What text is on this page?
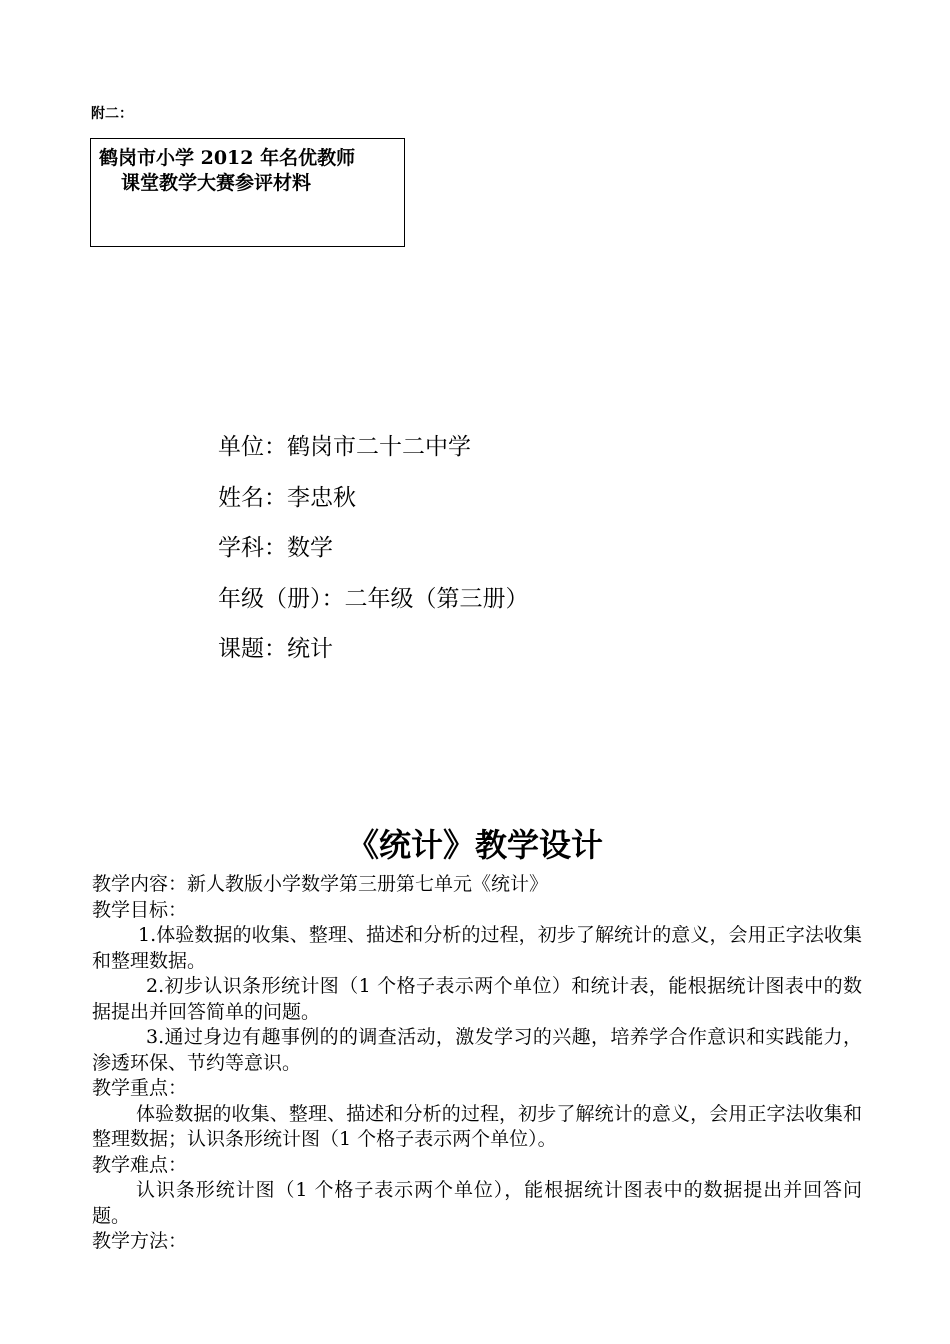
附二：
鹤岗市小学 2012 年名优教师
课堂教学大赛参评材料
单位：鹤岗市二十二中学
姓名：李忠秋
学科：数学
年级（册）：二年级（第三册）
课题：统计
《统计》教学设计

教学内容：新人教版小学数学第三册第七单元《统计》

教学目标：

1.体验数据的收集、整理、描述和分析的过程，初步了解统计的意义，会用正字法收集和整理数据。

2.初步认识条形统计图（1 个格子表示两个单位）和统计表，能根据统计图表中的数据提出并回答简单的问题。

3.通过身边有趣事例的的调查活动，激发学习的兴趣，培养学合作意识和实践能力，渗透环保、节约等意识。

教学重点：

体验数据的收集、整理、描述和分析的过程，初步了解统计的意义，会用正字法收集和整理数据；认识条形统计图（1 个格子表示两个单位）。

教学难点：

认识条形统计图（1 个格子表示两个单位），能根据统计图表中的数据提出并回答问题。

教学方法：
